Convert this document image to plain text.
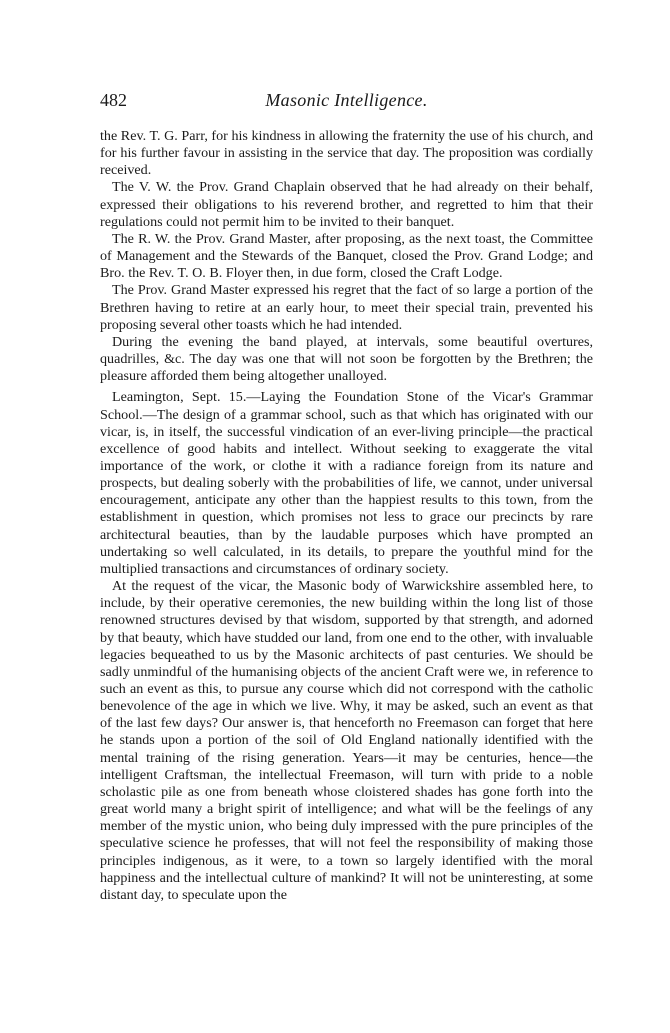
482	Masonic Intelligence.

the Rev. T. G. Parr, for his kindness in allowing the fraternity the use of his church, and for his further favour in assisting in the service that day. The proposition was cordially received.

The V. W. the Prov. Grand Chaplain observed that he had already on their behalf, expressed their obligations to his reverend brother, and regretted to him that their regulations could not permit him to be invited to their banquet.

The R. W. the Prov. Grand Master, after proposing, as the next toast, the Committee of Management and the Stewards of the Banquet, closed the Prov. Grand Lodge; and Bro. the Rev. T. O. B. Floyer then, in due form, closed the Craft Lodge.

The Prov. Grand Master expressed his regret that the fact of so large a portion of the Brethren having to retire at an early hour, to meet their special train, prevented his proposing several other toasts which he had intended.

During the evening the band played, at intervals, some beautiful overtures, quadrilles, &c. The day was one that will not soon be forgotten by the Brethren; the pleasure afforded them being altogether unalloyed.

Leamington, Sept. 15.—Laying the Foundation Stone of the Vicar's Grammar School.—The design of a grammar school, such as that which has originated with our vicar, is, in itself, the successful vindication of an ever-living principle—the practical excellence of good habits and intellect. Without seeking to exaggerate the vital importance of the work, or clothe it with a radiance foreign from its nature and prospects, but dealing soberly with the probabilities of life, we cannot, under universal encouragement, anticipate any other than the happiest results to this town, from the establishment in question, which promises not less to grace our precincts by rare architectural beauties, than by the laudable purposes which have prompted an undertaking so well calculated, in its details, to prepare the youthful mind for the multiplied transactions and circumstances of ordinary society.

At the request of the vicar, the Masonic body of Warwickshire assembled here, to include, by their operative ceremonies, the new building within the long list of those renowned structures devised by that wisdom, supported by that strength, and adorned by that beauty, which have studded our land, from one end to the other, with invaluable legacies bequeathed to us by the Masonic architects of past centuries. We should be sadly unmindful of the humanising objects of the ancient Craft were we, in reference to such an event as this, to pursue any course which did not correspond with the catholic benevolence of the age in which we live. Why, it may be asked, such an event as that of the last few days? Our answer is, that henceforth no Freemason can forget that here he stands upon a portion of the soil of Old England nationally identified with the mental training of the rising generation. Years—it may be centuries, hence—the intelligent Craftsman, the intellectual Freemason, will turn with pride to a noble scholastic pile as one from beneath whose cloistered shades has gone forth into the great world many a bright spirit of intelligence; and what will be the feelings of any member of the mystic union, who being duly impressed with the pure principles of the speculative science he professes, that will not feel the responsibility of making those principles indigenous, as it were, to a town so largely identified with the moral happiness and the intellectual culture of mankind? It will not be uninteresting, at some distant day, to speculate upon the
